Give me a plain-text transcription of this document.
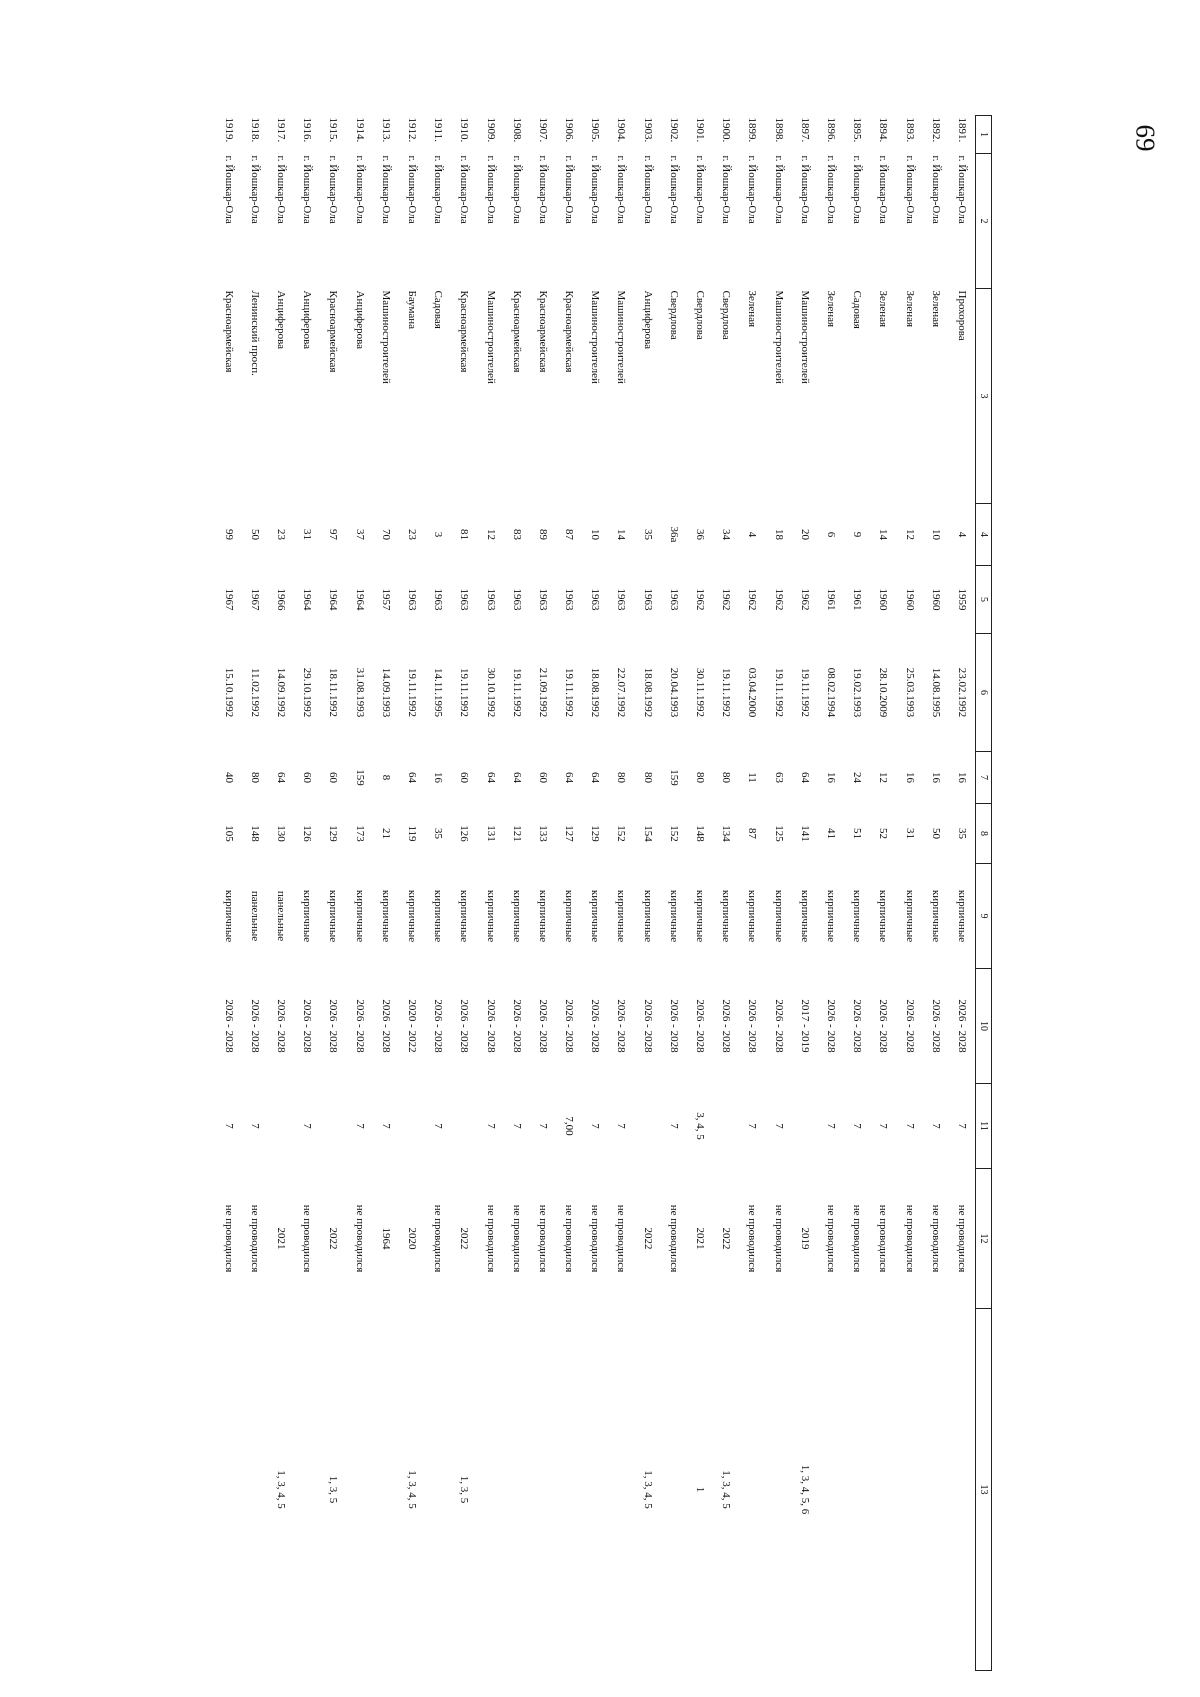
69
1	2	3	4	5	6	7	8	9	10	11	12	13
1891.	г. Йошкар-Ола	Прохорова	4	1959	23.02.1992	16	35	кирпичные	2026 - 2028	7	не проводился	
1892.	г. Йошкар-Ола	Зеленая	10	1960	14.08.1995	16	50	кирпичные	2026 - 2028	7	не проводился	
1893.	г. Йошкар-Ола	Зеленая	12	1960	25.03.1993	16	31	кирпичные	2026 - 2028	7	не проводился	
1894.	г. Йошкар-Ола	Зеленая	14	1960	28.10.2009	12	52	кирпичные	2026 - 2028	7	не проводился	
1895.	г. Йошкар-Ола	Садовая	9	1961	19.02.1993	24	51	кирпичные	2026 - 2028	7	не проводился	
1896.	г. Йошкар-Ола	Зеленая	6	1961	08.02.1994	16	41	кирпичные	2026 - 2028	7	не проводился	
1897.	г. Йошкар-Ола	Машиностроителей	20	1962	19.11.1992	64	141	кирпичные	2017 - 2019		2019	1, 3, 4, 5, 6
1898.	г. Йошкар-Ола	Машиностроителей	18	1962	19.11.1992	63	125	кирпичные	2026 - 2028	7	не проводился	
1899.	г. Йошкар-Ола	Зеленая	4	1962	03.04.2000	11	87	кирпичные	2026 - 2028	7	не проводился	
1900.	г. Йошкар-Ола	Свердлова	34	1962	19.11.1992	80	134	кирпичные	2026 - 2028		2022	1, 3, 4, 5
1901.	г. Йошкар-Ола	Свердлова	36	1962	30.11.1992	80	148	кирпичные	2026 - 2028	3, 4, 5	2021	1
1902.	г. Йошкар-Ола	Свердлова	36а	1963	20.04.1993	159	152	кирпичные	2026 - 2028	7	не проводился	
1903.	г. Йошкар-Ола	Анциферова	35	1963	18.08.1992	80	154	кирпичные	2026 - 2028		2022	1, 3, 4, 5
1904.	г. Йошкар-Ола	Машиностроителей	14	1963	22.07.1992	80	152	кирпичные	2026 - 2028	7	не проводился	
1905.	г. Йошкар-Ола	Машиностроителей	10	1963	18.08.1992	64	129	кирпичные	2026 - 2028	7	не проводился	
1906.	г. Йошкар-Ола	Красноармейская	87	1963	19.11.1992	64	127	кирпичные	2026 - 2028	7,00	не проводился	
1907.	г. Йошкар-Ола	Красноармейская	89	1963	21.09.1992	60	133	кирпичные	2026 - 2028	7	не проводился	
1908.	г. Йошкар-Ола	Красноармейская	83	1963	19.11.1992	64	121	кирпичные	2026 - 2028	7	не проводился	
1909.	г. Йошкар-Ола	Машиностроителей	12	1963	30.10.1992	64	131	кирпичные	2026 - 2028	7	не проводился	
1910.	г. Йошкар-Ола	Красноармейская	81	1963	19.11.1992	60	126	кирпичные	2026 - 2028		2022	1, 3, 5
1911.	г. Йошкар-Ола	Садовая	3	1963	14.11.1995	16	35	кирпичные	2026 - 2028	7	не проводился	
1912.	г. Йошкар-Ола	Баумана	23	1963	19.11.1992	64	119	кирпичные	2020 - 2022		2020	1, 3, 4, 5
1913.	г. Йошкар-Ола	Машиностроителей	70	1957	14.09.1993	8	21	кирпичные	2026 - 2028	7	1964	
1914.	г. Йошкар-Ола	Анциферова	37	1964	31.08.1993	159	173	кирпичные	2026 - 2028	7	не проводился	
1915.	г. Йошкар-Ола	Красноармейская	97	1964	18.11.1992	60	129	кирпичные	2026 - 2028		2022	1, 3, 5
1916.	г. Йошкар-Ола	Анциферова	31	1964	29.10.1992	60	126	кирпичные	2026 - 2028	7	не проводился	
1917.	г. Йошкар-Ола	Анциферова	23	1966	14.09.1992	64	130	панельные	2026 - 2028		2021	1, 3, 4, 5
1918.	г. Йошкар-Ола	Ленинский просп.	50	1967	11.02.1992	80	148	панельные	2026 - 2028	7	не проводился	
1919.	г. Йошкар-Ола	Красноармейская	99	1967	15.10.1992	40	105	кирпичные	2026 - 2028	7	не проводился	
